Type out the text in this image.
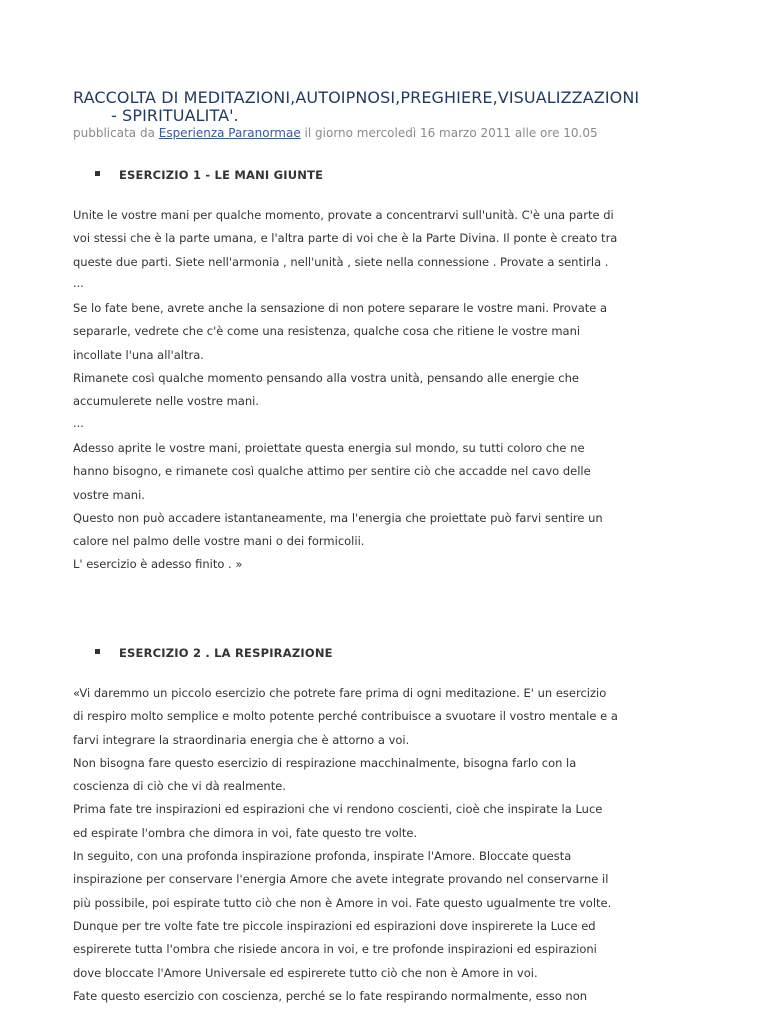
RACCOLTA DI MEDITAZIONI,AUTOIPNOSI,PREGHIERE,VISUALIZZAZIONI
- SPIRITUALITA'.
pubblicata da Esperienza Paranormae il giorno mercoledì 16 marzo 2011 alle ore 10.05
ESERCIZIO 1 - LE MANI GIUNTE
Unite le vostre mani per qualche momento, provate a concentrarvi sull'unità. C'è una parte di
voi stessi che è la parte umana, e l'altra parte di voi che è la Parte Divina. Il ponte è creato tra
queste due parti. Siete nell'armonia , nell'unità , siete nella connessione . Provate a sentirla .
...
Se lo fate bene, avrete anche la sensazione di non potere separare le vostre mani. Provate a
separarle, vedrete che c'è come una resistenza, qualche cosa che ritiene le vostre mani
incollate l'una all'altra.
Rimanete così qualche momento pensando alla vostra unità, pensando alle energie che
accumulerete nelle vostre mani.
...
Adesso aprite le vostre mani, proiettate questa energia sul mondo, su tutti coloro che ne
hanno bisogno, e rimanete così qualche attimo per sentire ciò che accadde nel cavo delle
vostre mani.
Questo non può accadere istantaneamente, ma l'energia che proiettate può farvi sentire un
calore nel palmo delle vostre mani o dei formicolii.
L' esercizio è adesso finito . »
ESERCIZIO 2 . LA RESPIRAZIONE
«Vi daremmo un piccolo esercizio che potrete fare prima di ogni meditazione. E' un esercizio
di respiro molto semplice e molto potente perché contribuisce a svuotare il vostro mentale e a
farvi integrare la straordinaria energia che è attorno a voi.
Non bisogna fare questo esercizio di respirazione macchinalmente, bisogna farlo con la
coscienza di ciò che vi dà realmente.
Prima fate tre inspirazioni ed espirazioni che vi rendono coscienti, cioè che inspirate la Luce
ed espirate l'ombra che dimora in voi, fate questo tre volte.
In seguito, con una profonda inspirazione profonda, inspirate l'Amore. Bloccate questa
inspirazione per conservare l'energia Amore che avete integrate provando nel conservarne il
più possibile, poi espirate tutto ciò che non è Amore in voi. Fate questo ugualmente tre volte.
Dunque per tre volte fate tre piccole inspirazioni ed espirazioni dove inspirerete la Luce ed
espirerete tutta l'ombra che risiede ancora in voi, e tre profonde inspirazioni ed espirazioni
dove bloccate l'Amore Universale ed espirerete tutto ciò che non è Amore in voi.
Fate questo esercizio con coscienza, perché se lo fate respirando normalmente, esso non
